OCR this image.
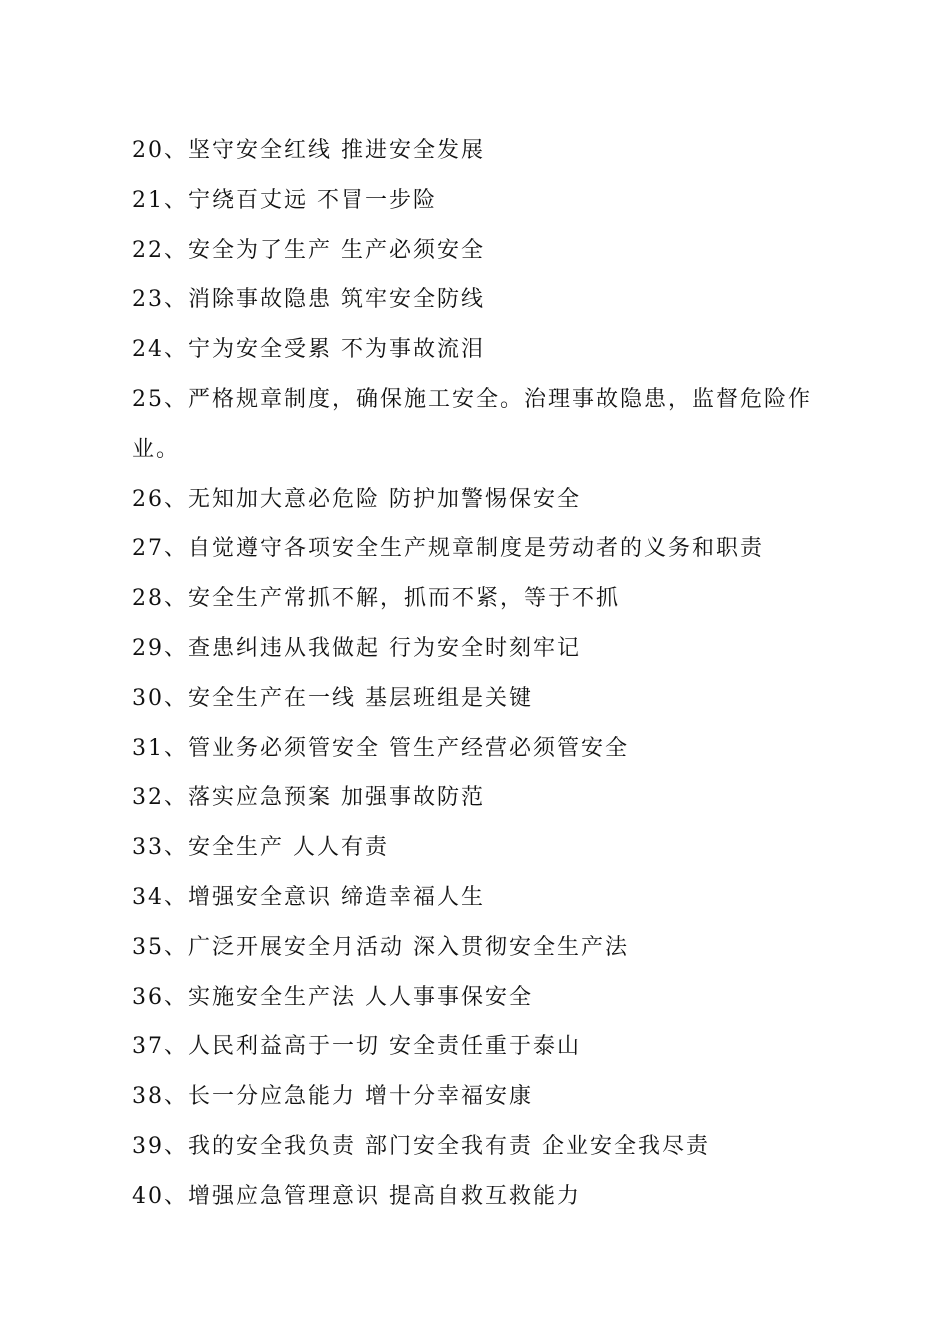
20、坚守安全红线 推进安全发展
21、宁绕百丈远 不冒一步险
22、安全为了生产 生产必须安全
23、消除事故隐患 筑牢安全防线
24、宁为安全受累 不为事故流泪
25、严格规章制度，确保施工安全。治理事故隐患，监督危险作
业。
26、无知加大意必危险 防护加警惕保安全
27、自觉遵守各项安全生产规章制度是劳动者的义务和职责
28、安全生产常抓不解，抓而不紧，等于不抓
29、查患纠违从我做起 行为安全时刻牢记
30、安全生产在一线 基层班组是关键
31、管业务必须管安全 管生产经营必须管安全
32、落实应急预案 加强事故防范
33、安全生产 人人有责
34、增强安全意识 缔造幸福人生
35、广泛开展安全月活动 深入贯彻安全生产法
36、实施安全生产法 人人事事保安全
37、人民利益高于一切 安全责任重于泰山
38、长一分应急能力 增十分幸福安康
39、我的安全我负责 部门安全我有责 企业安全我尽责
40、增强应急管理意识 提高自救互救能力
